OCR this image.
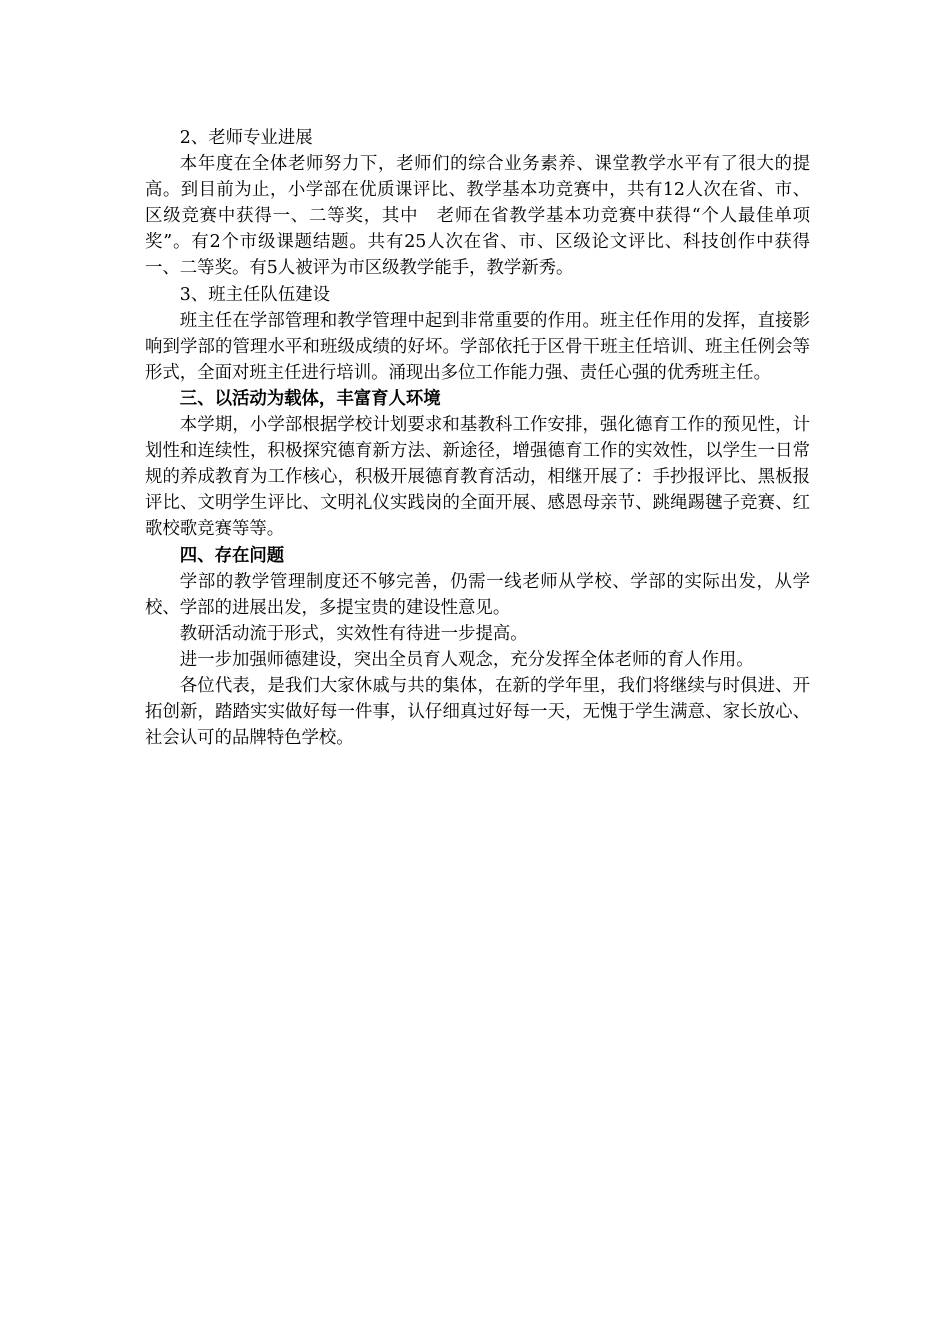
2、老师专业进展

本年度在全体老师努力下，老师们的综合业务素养、课堂教学水平有了很大的提高。到目前为止，小学部在优质课评比、教学基本功竞赛中，共有12人次在省、市、区级竞赛中获得一、二等奖，其中　老师在省教学基本功竞赛中获得“个人最佳单项奖”。有2个市级课题结题。共有25人次在省、市、区级论文评比、科技创作中获得一、二等奖。有5人被评为市区级教学能手，教学新秀。

3、班主任队伍建设

班主任在学部管理和教学管理中起到非常重要的作用。班主任作用的发挥，直接影响到学部的管理水平和班级成绩的好坏。学部依托于区骨干班主任培训、班主任例会等形式，全面对班主任进行培训。涌现出多位工作能力强、责任心强的优秀班主任。

三、以活动为载体，丰富育人环境

本学期，小学部根据学校计划要求和基教科工作安排，强化德育工作的预见性，计划性和连续性，积极探究德育新方法、新途径，增强德育工作的实效性，以学生一日常规的养成教育为工作核心，积极开展德育教育活动，相继开展了：手抄报评比、黑板报评比、文明学生评比、文明礼仪实践岗的全面开展、感恩母亲节、跳绳踢毽子竞赛、红歌校歌竞赛等等。

四、存在问题

学部的教学管理制度还不够完善，仍需一线老师从学校、学部的实际出发，从学校、学部的进展出发，多提宝贵的建设性意见。

教研活动流于形式，实效性有待进一步提高。

进一步加强师德建设，突出全员育人观念，充分发挥全体老师的育人作用。

各位代表，是我们大家休戚与共的集体，在新的学年里，我们将继续与时俱进、开拓创新，踏踏实实做好每一件事，认仔细真过好每一天，无愧于学生满意、家长放心、社会认可的品牌特色学校。
